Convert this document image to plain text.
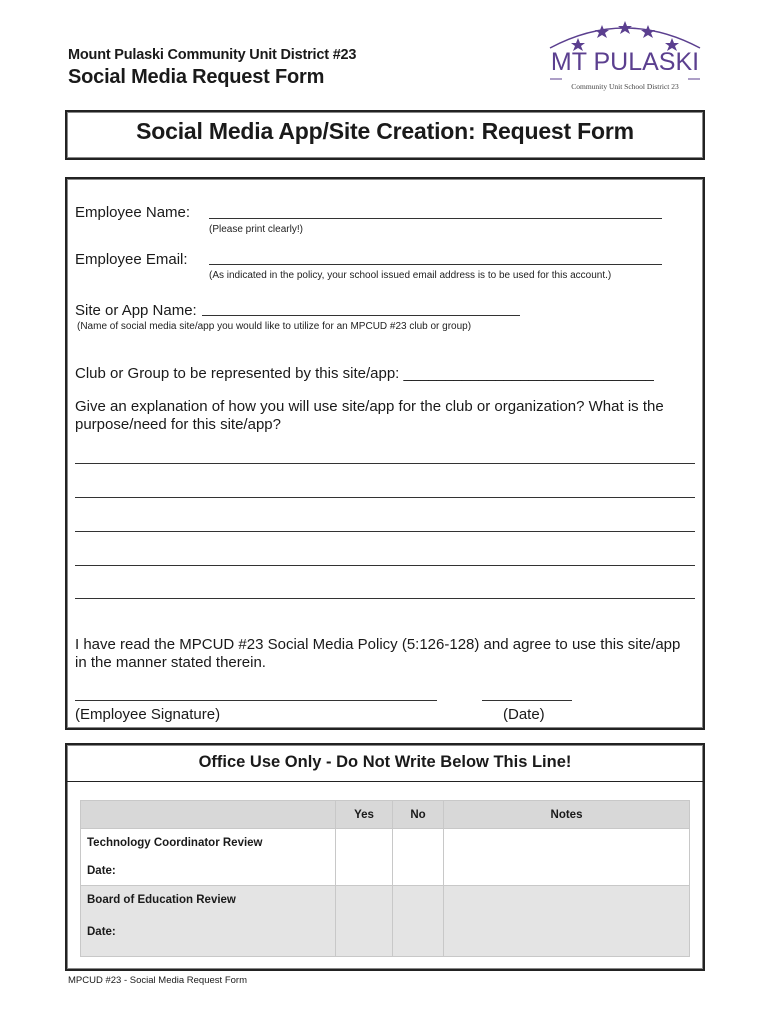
Mount Pulaski Community Unit District #23
Social Media Request Form
MT PULASKI
Community Unit School District 23
Social Media App/Site Creation: Request Form
Employee Name:
(Please print clearly!)
Employee Email:
(As indicated in the policy, your school issued email address is to be used for this account.)
Site or App Name:
(Name of social media site/app you would like to utilize for an MPCUD #23 club or group)
Club or Group to be represented by this site/app: ______________________________
Give an explanation of how you will use site/app for the club or organization? What is the purpose/need for this site/app?
I have read the MPCUD #23 Social Media Policy (5:126-128) and agree to use this site/app in the manner stated therein.
(Employee Signature)	(Date)
Office Use Only - Do Not Write Below This Line!
	Yes	No	Notes

Technology Coordinator Review
Date:			

Board of Education Review
Date:			

MPCUD #23 - Social Media Request Form
